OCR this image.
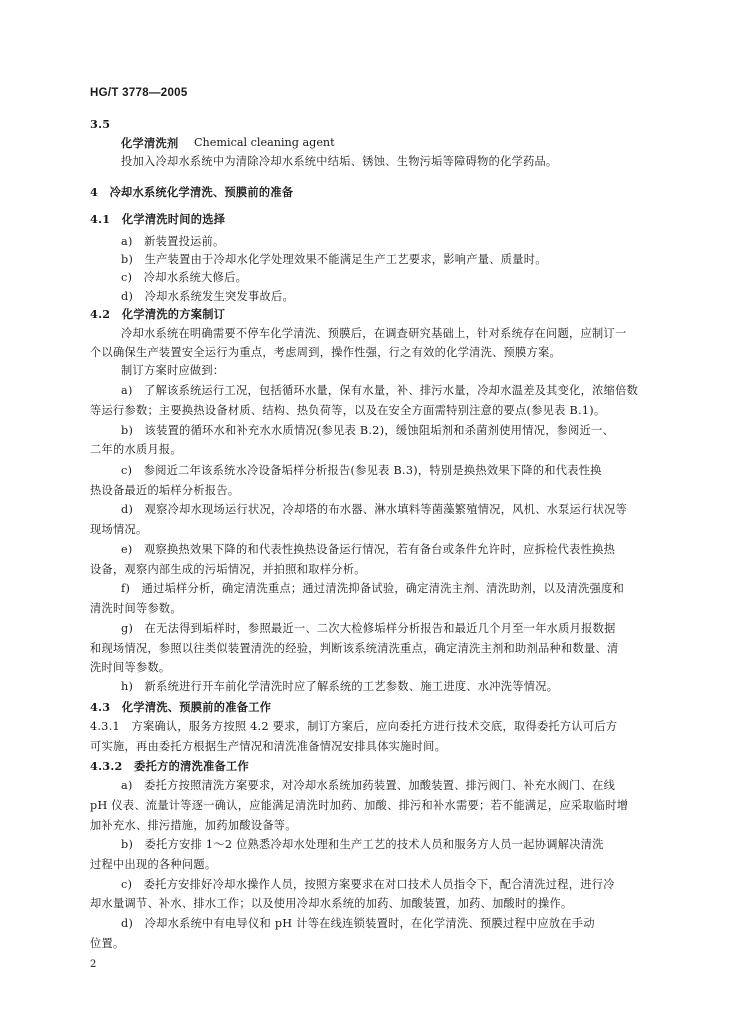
HG/T 3778—2005
3.5
化学清洗剂 Chemical cleaning agent
投加入冷却水系统中为清除冷却水系统中结垢、锈蚀、生物污垢等障碍物的化学药品。
4　冷却水系统化学清洗、预膜前的准备
4.1　化学清洗时间的选择
a)　新装置投运前。
b)　生产装置由于冷却水化学处理效果不能满足生产工艺要求，影响产量、质量时。
c)　冷却水系统大修后。
d)　冷却水系统发生突发事故后。
4.2　化学清洗的方案制订
冷却水系统在明确需要不停车化学清洗、预膜后，在调查研究基础上，针对系统存在问题，应制订一
个以确保生产装置安全运行为重点，考虑周到，操作性强，行之有效的化学清洗、预膜方案。
制订方案时应做到：
a)　了解该系统运行工况，包括循环水量，保有水量，补、排污水量，冷却水温差及其变化，浓缩倍数
等运行参数；主要换热设备材质、结构、热负荷等，以及在安全方面需特别注意的要点(参见表 B.1)。
b)　该装置的循环水和补充水水质情况(参见表 B.2)，缓蚀阻垢剂和杀菌剂使用情况，参阅近一、
二年的水质月报。
c)　参阅近二年该系统水冷设备垢样分析报告(参见表 B.3)，特别是换热效果下降的和代表性换
热设备最近的垢样分析报告。
d)　观察冷却水现场运行状况，冷却塔的布水器、淋水填料等菌藻繁殖情况，风机、水泵运行状况等
现场情况。
e)　观察换热效果下降的和代表性换热设备运行情况，若有备台或条件允许时，应拆检代表性换热
设备，观察内部生成的污垢情况，并拍照和取样分析。
f)　通过垢样分析，确定清洗重点；通过清洗抑备试验，确定清洗主剂、清洗助剂，以及清洗强度和
清洗时间等参数。
g)　在无法得到垢样时，参照最近一、二次大检修垢样分析报告和最近几个月至一年水质月报数据
和现场情况，参照以往类似装置清洗的经验，判断该系统清洗重点，确定清洗主剂和助剂品种和数量、清
洗时间等参数。
h)　新系统进行开车前化学清洗时应了解系统的工艺参数、施工进度、水冲洗等情况。
4.3　化学清洗、预膜前的准备工作
4.3.1　方案确认，服务方按照 4.2 要求，制订方案后，应向委托方进行技术交底，取得委托方认可后方
可实施，再由委托方根据生产情况和清洗准备情况安排具体实施时间。
4.3.2　委托方的清洗准备工作
a)　委托方按照清洗方案要求，对冷却水系统加药装置、加酸装置、排污阀门、补充水阀门、在线
pH 仪表、流量计等逐一确认，应能满足清洗时加药、加酸、排污和补水需要；若不能满足，应采取临时增
加补充水、排污措施，加药加酸设备等。
b)　委托方安排 1～2 位熟悉冷却水处理和生产工艺的技术人员和服务方人员一起协调解决清洗
过程中出现的各种问题。
c)　委托方安排好冷却水操作人员，按照方案要求在对口技术人员指令下，配合清洗过程，进行冷
却水量调节、补水、排水工作；以及使用冷却水系统的加药、加酸装置，加药、加酸时的操作。
d)　冷却水系统中有电导仪和 pH 计等在线连锁装置时，在化学清洗、预膜过程中应放在手动
位置。
2
